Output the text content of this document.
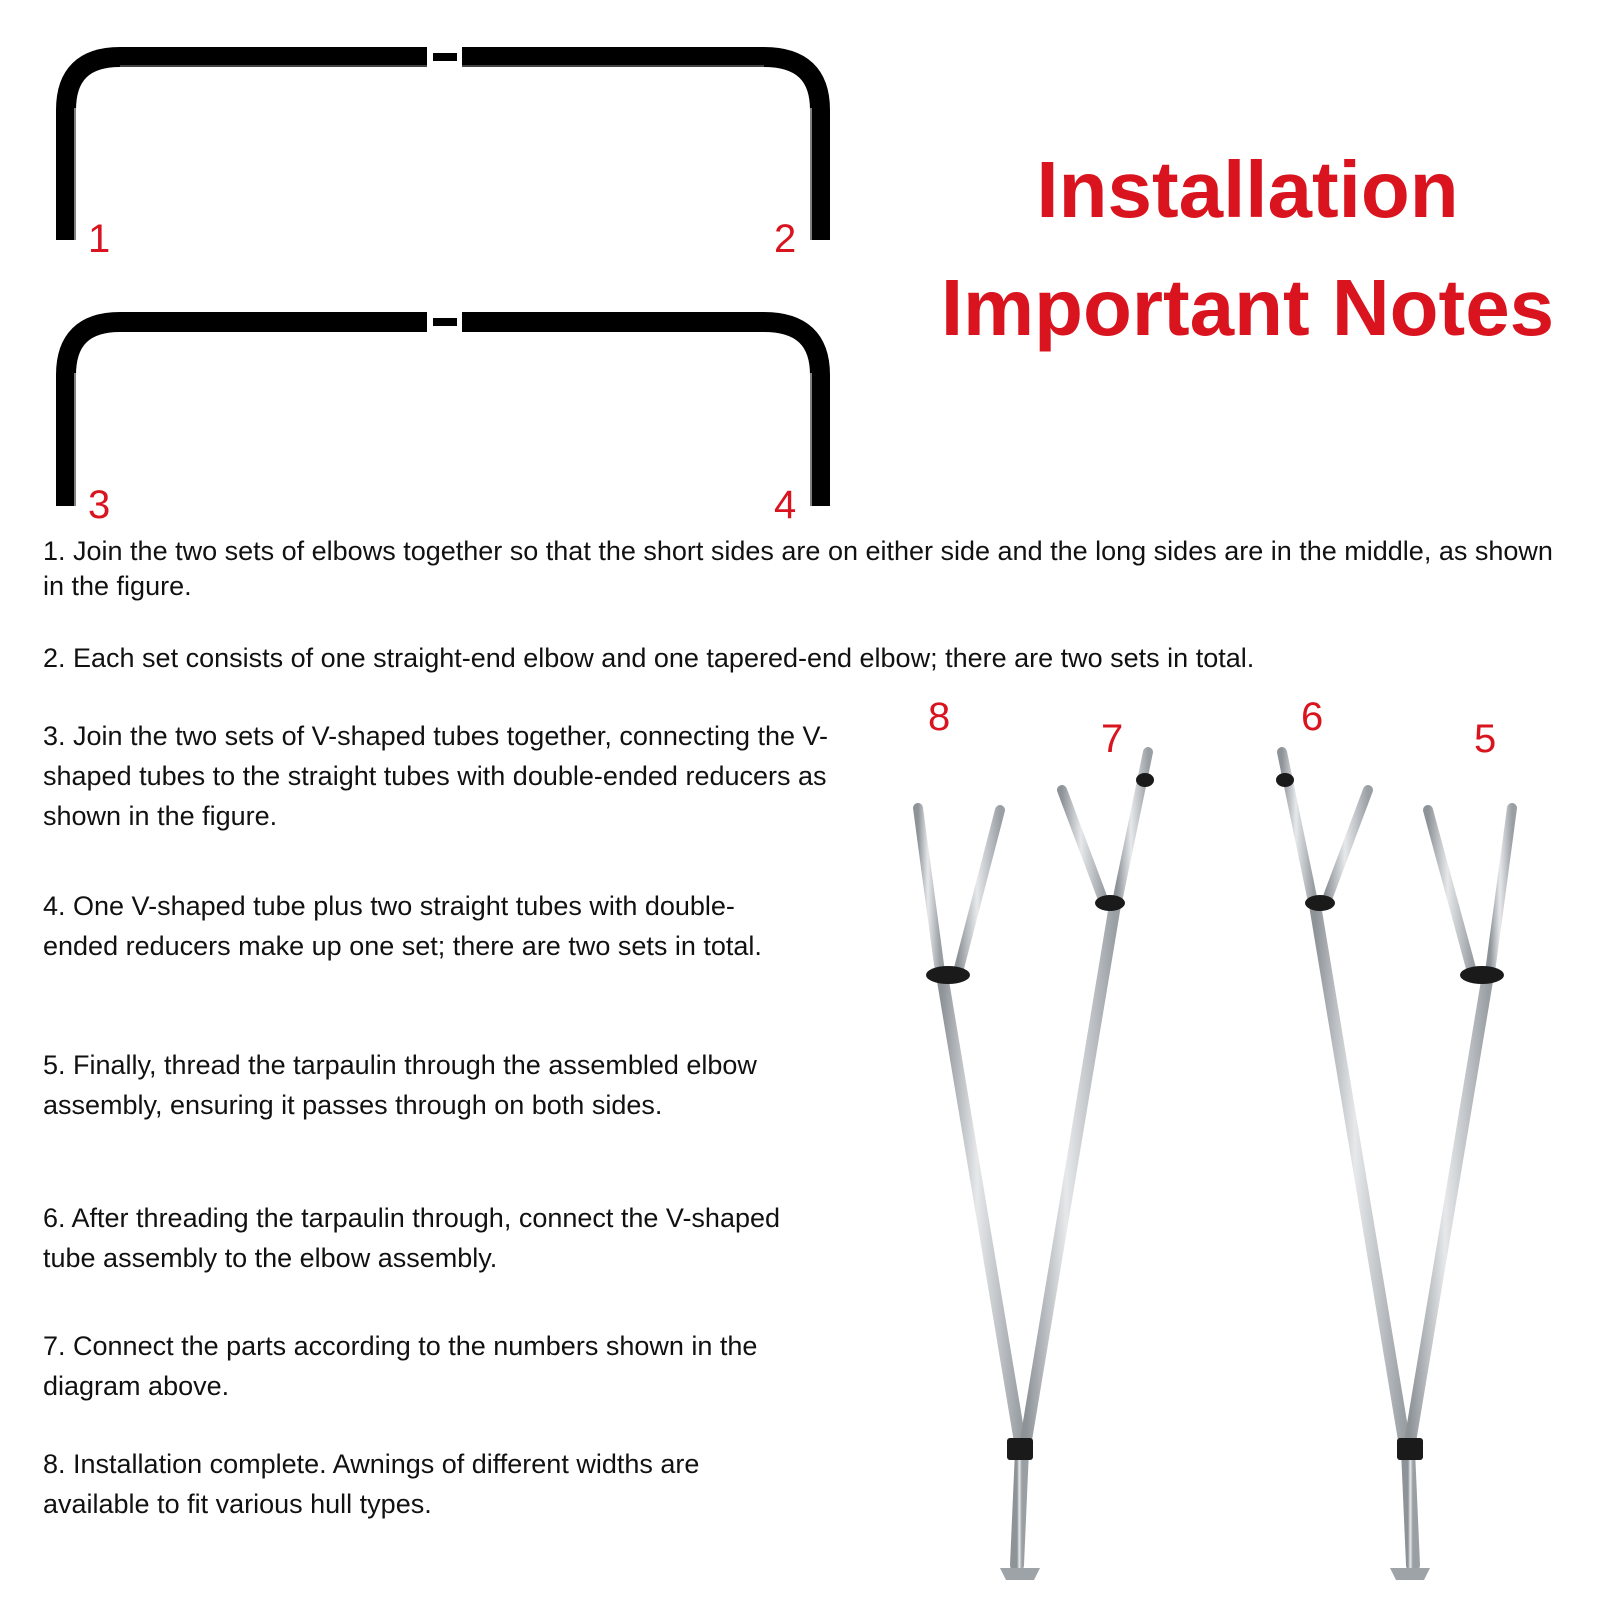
1	2
3	4
8	7	6	5
Installation
Important Notes

1. Join the two sets of elbows together so that the short sides are on either side and the long sides are in the middle, as shown in the figure.

2. Each set consists of one straight-end elbow and one tapered-end elbow; there are two sets in total.

3. Join the two sets of V-shaped tubes together, connecting the V-shaped tubes to the straight tubes with double-ended reducers as shown in the figure.

4. One V-shaped tube plus two straight tubes with double-ended reducers make up one set; there are two sets in total.

5. Finally, thread the tarpaulin through the assembled elbow assembly, ensuring it passes through on both sides.

6. After threading the tarpaulin through, connect the V-shaped tube assembly to the elbow assembly.

7. Connect the parts according to the numbers shown in the diagram above.

8. Installation complete. Awnings of different widths are available to fit various hull types.
